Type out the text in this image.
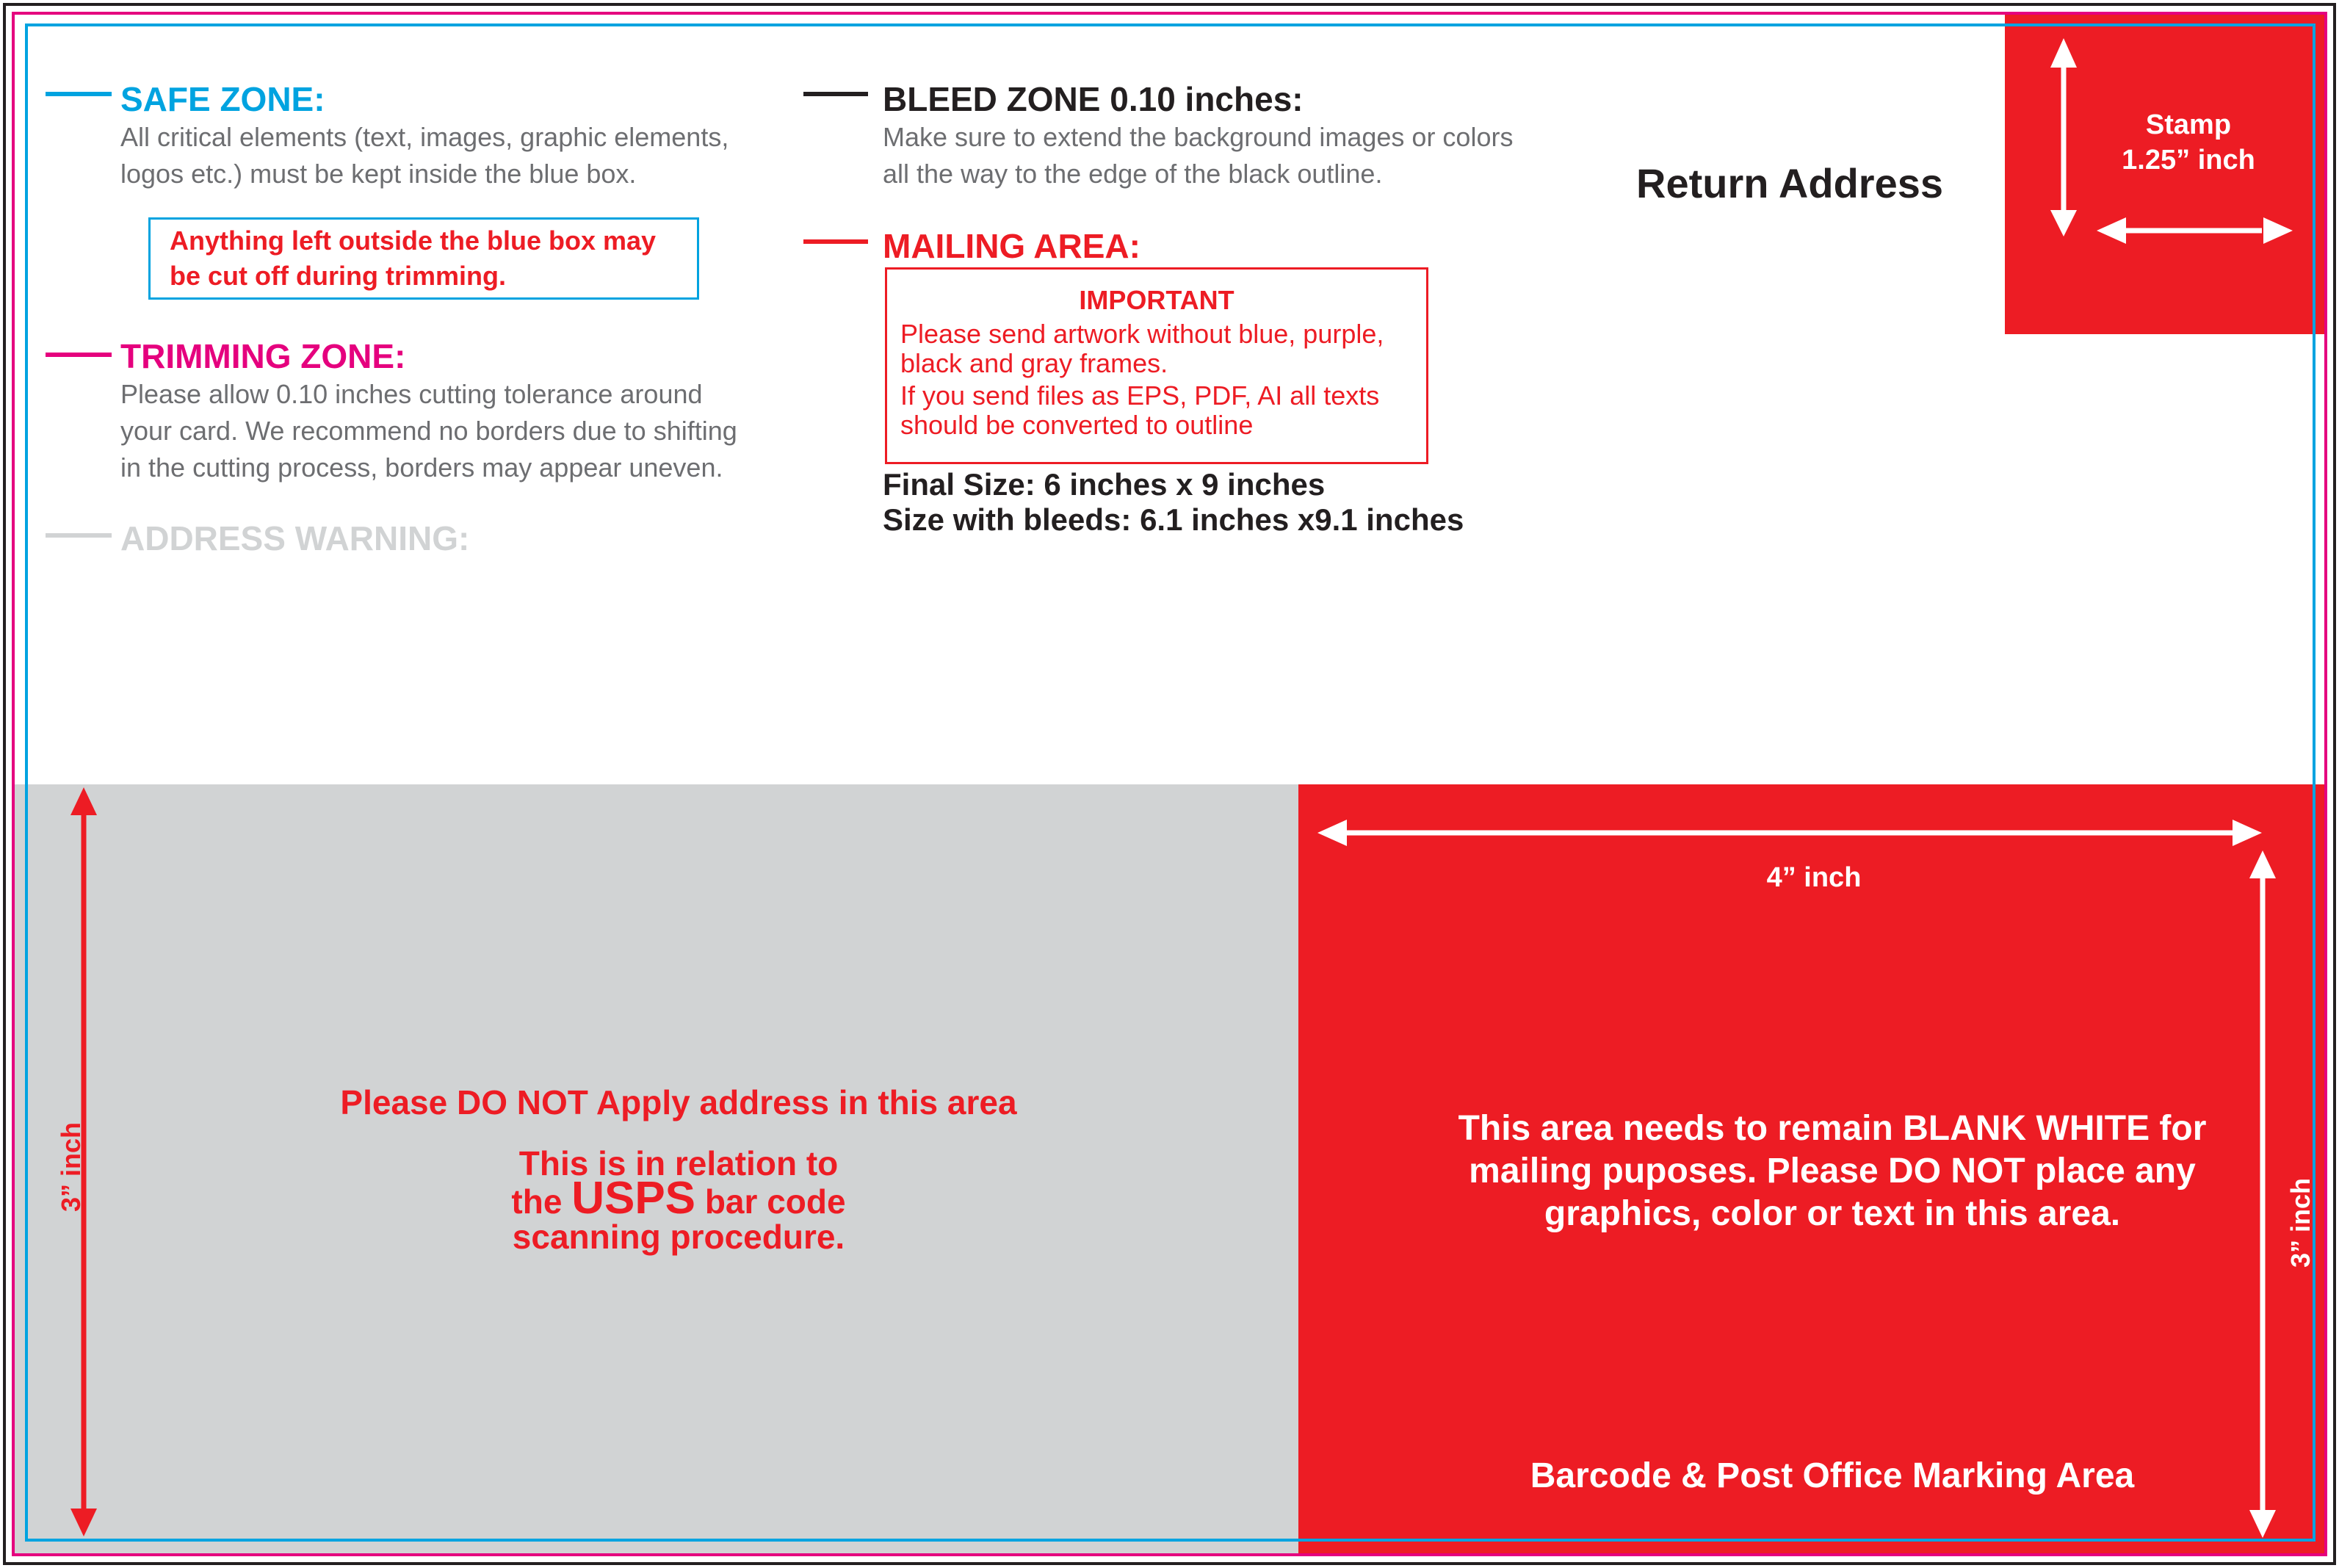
SAFE ZONE:
All critical elements (text, images, graphic elements,
logos etc.) must be kept inside the blue box.
Anything left outside the blue box may
be cut off during trimming.
TRIMMING ZONE:
Please allow 0.10 inches cutting tolerance around
your card. We recommend no borders due to shifting
in the cutting process, borders may appear uneven.
ADDRESS WARNING:
BLEED ZONE 0.10 inches:
Make sure to extend the background images or colors
all the way to the edge of the black outline.
MAILING AREA:
IMPORTANT
Please send artwork without blue, purple,
black and gray frames.
If you send files as EPS, PDF, AI all texts
should be converted to outline
Final Size: 6 inches x 9 inches
Size with bleeds: 6.1 inches x9.1 inches
Return Address
Stamp
1.25” inch
Please DO NOT Apply address in this area
This is in relation to
the USPS bar code
scanning procedure.
4” inch
This area needs to remain BLANK WHITE for
mailing puposes. Please DO NOT place any
graphics, color or text in this area.
Barcode & Post Office Marking Area
